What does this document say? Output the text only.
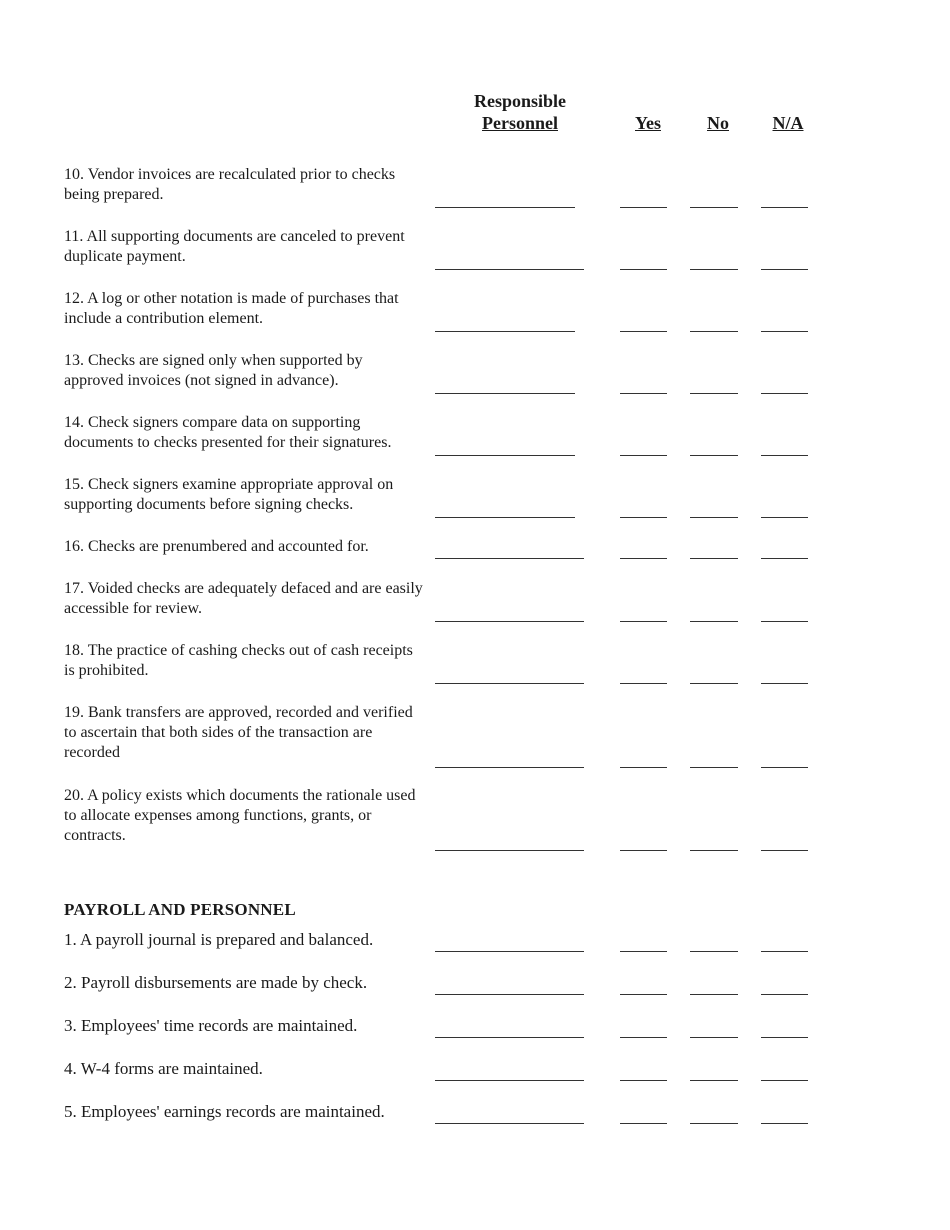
Responsible
Personnel	Yes	No	N/A

10. Vendor invoices are recalculated prior to checks being prepared.

11. All supporting documents are canceled to prevent duplicate payment.

12. A log or other notation is made of purchases that include a contribution element.

13. Checks are signed only when supported by approved invoices (not signed in advance).

14. Check signers compare data on supporting documents to checks presented for their signatures.

15. Check signers examine appropriate approval on supporting documents before signing checks.

16. Checks are prenumbered and accounted for.

17. Voided checks are adequately defaced and are easily accessible for review.

18. The practice of cashing checks out of cash receipts is prohibited.

19. Bank transfers are approved, recorded and verified to ascertain that both sides of the transaction are recorded

20. A policy exists which documents the rationale used to allocate expenses among functions, grants, or contracts.

PAYROLL AND PERSONNEL

1. A payroll journal is prepared and balanced.

2. Payroll disbursements are made by check.

3. Employees' time records are maintained.

4. W-4 forms are maintained.

5. Employees' earnings records are maintained.
